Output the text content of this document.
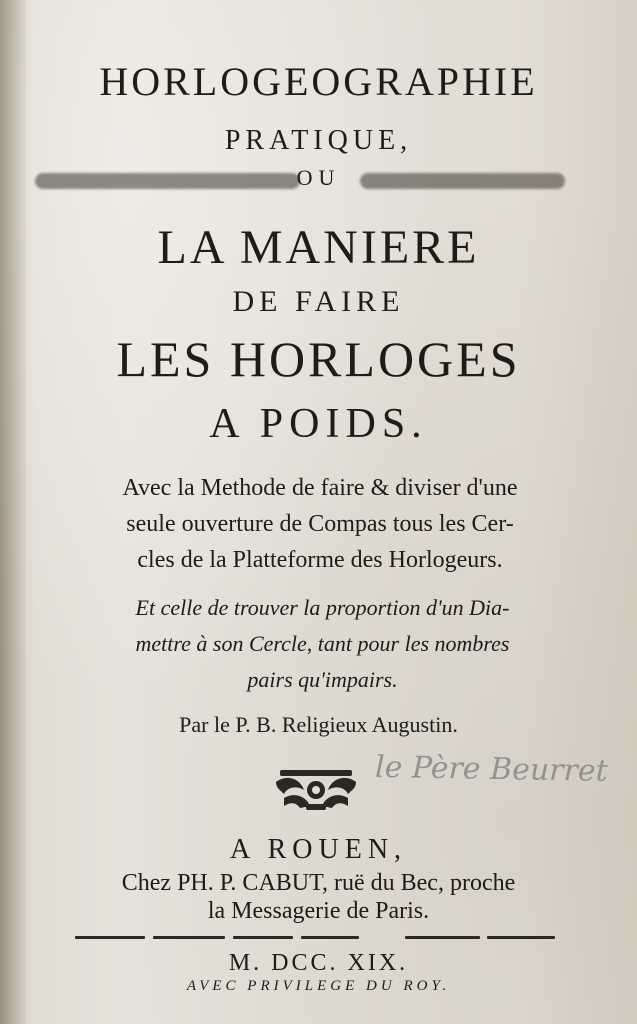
HORLOGEOGRAPHIE
PRATIQUE,
OU
LA MANIERE
DE FAIRE
LES HORLOGES
A POIDS.
Avec la Methode de faire & diviser d'une
seule ouverture de Compas tous les Cer-
cles de la Platteforme des Horlogeurs.
Et celle de trouver la proportion d'un Dia-
mettre à son Cercle, tant pour les nombres
pairs qu'impairs.
Par le P. B. Religieux Augustin.
le Père Beurret
A ROUEN,
Chez PH. P. CABUT, ruë du Bec, proche
la Messagerie de Paris.
M. DCC. XIX.
AVEC PRIVILEGE DU ROY.
